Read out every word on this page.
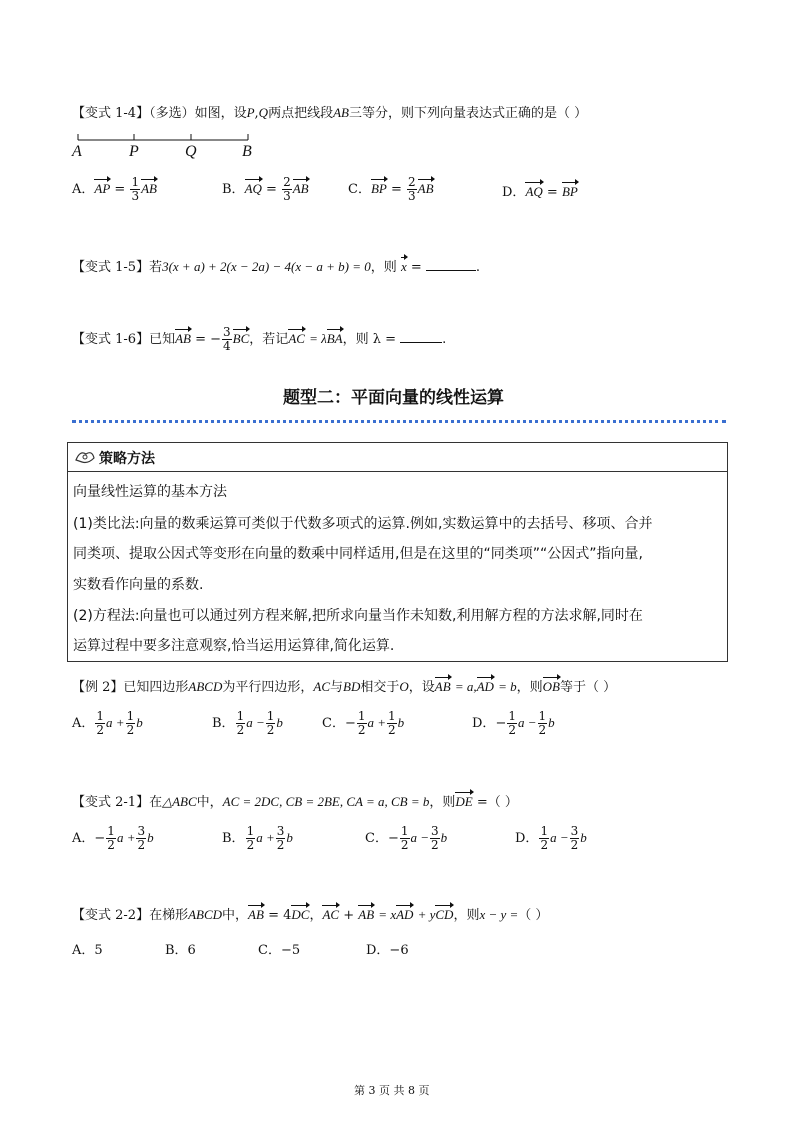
【变式 1-4】（多选）如图，设P,Q两点把线段AB三等分，则下列向量表达式正确的是（ ）
A	P	Q	B
A．AP = $\frac{1}{3}$ AB	B．AQ = $\frac{2}{3}$ AB	C．BP = $\frac{2}{3}$ AB	D．AQ = BP
【变式 1-5】若3(x + a) + 2(x − 2a) − 4(x − a + b) = 0，则 x =	.
【变式 1-6】已知AB = − $\frac{3}{4}$ BC，若记AC = λBA，则 λ =	.
题型二：平面向量的线性运算
策略方法
向量线性运算的基本方法
(1)类比法:向量的数乘运算可类似于代数多项式的运算.例如,实数运算中的去括号、移项、合并
同类项、提取公因式等变形在向量的数乘中同样适用,但是在这里的“同类项”“公因式”指向量,
实数看作向量的系数.
(2)方程法:向量也可以通过列方程来解,把所求向量当作未知数,利用解方程的方法求解,同时在
运算过程中要多注意观察,恰当运用运算律,简化运算.
【例 2】已知四边形ABCD为平行四边形，AC与BD相交于O，设AB = a,AD = b，则OB等于（ ）
A． $\frac{1}{2}$ $a + \frac{1}{2}$ b	B． $\frac{1}{2}$ $a - \frac{1}{2}$ b	C．− $\frac{1}{2}$ $a + \frac{1}{2}$ b	D．− $\frac{1}{2}$ $a - \frac{1}{2}$ b
【变式 2-1】在△ABC中，AC = 2DC, CB = 2BE, CA = a, CB = b，则DE =（ ）
A．− $\frac{1}{2}$ $a + \frac{3}{2}$ b	B． $\frac{1}{2}$ $a + \frac{3}{2}$ b	C．− $\frac{1}{2}$ $a - \frac{3}{2}$ b	D． $\frac{1}{2}$ $a - \frac{3}{2}$ b
【变式 2-2】在梯形ABCD中，AB = 4DC，AC + AB = xAD + yCD，则x − y =（ ）
A．5	B．6	C．−5	D．−6
第 3 页 共 8 页
